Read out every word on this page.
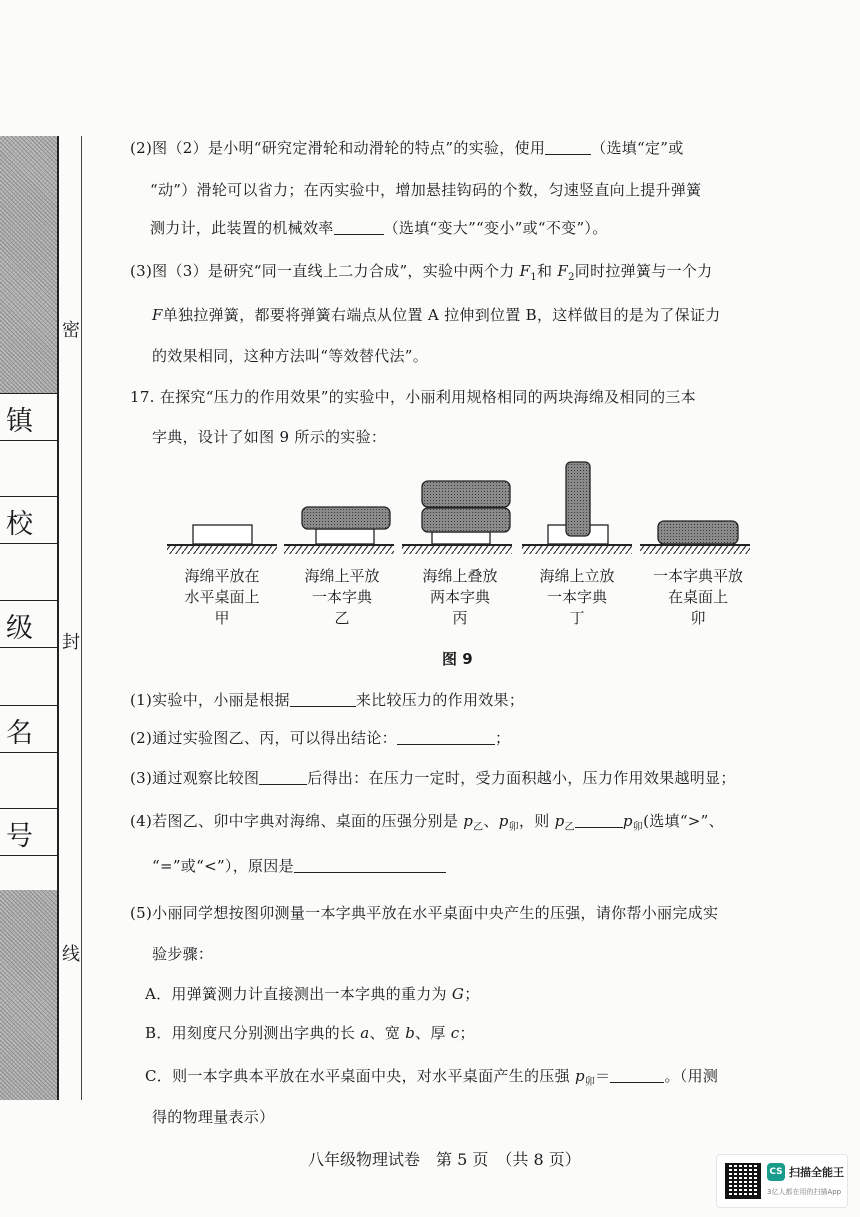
镇
校
级
名
号
密
封
线
(2)图（2）是小明“研究定滑轮和动滑轮的特点”的实验，使用	（选填“定”或
“动”）滑轮可以省力；在丙实验中，增加悬挂钩码的个数，匀速竖直向上提升弹簧
测力计，此装置的机械效率	（选填“变大”“变小”或“不变”）。
(3)图（3）是研究“同一直线上二力合成”，实验中两个力 $F_1$和 $F_2$同时拉弹簧与一个力
F单独拉弹簧，都要将弹簧右端点从位置 A 拉伸到位置 B，这样做目的是为了保证力
的效果相同，这种方法叫“等效替代法”。
17. 在探究“压力的作用效果”的实验中，小丽利用规格相同的两块海绵及相同的三本
字典，设计了如图 9 所示的实验：
海绵平放在
水平桌面上
甲
海绵上平放
一本字典
乙
海绵上叠放
两本字典
丙
海绵上立放
一本字典
丁
一本字典平放
在桌面上
卯
图 9
(1)实验中，小丽是根据	来比较压力的作用效果；
(2)通过实验图乙、丙，可以得出结论：	；
(3)通过观察比较图	后得出：在压力一定时，受力面积越小，压力作用效果越明显；
(4)若图乙、卯中字典对海绵、桌面的压强分别是 $p_乙$、$p_卯$，则 $p_乙$	$p_卯$(选填“>”、
“=”或“<”），原因是
(5)小丽同学想按图卯测量一本字典平放在水平桌面中央产生的压强，请你帮小丽完成实
验步骤：
A．用弹簧测力计直接测出一本字典的重力为 G；
B．用刻度尺分别测出字典的长 a、宽 b、厚 c；
C．则一本字典本平放在水平桌面中央，对水平桌面产生的压强 $p_卯=$	。（用测
得的物理量表示）
八年级物理试卷　第 5 页　（共 8 页）
CS 扫描全能王
3亿人都在用的扫描App
